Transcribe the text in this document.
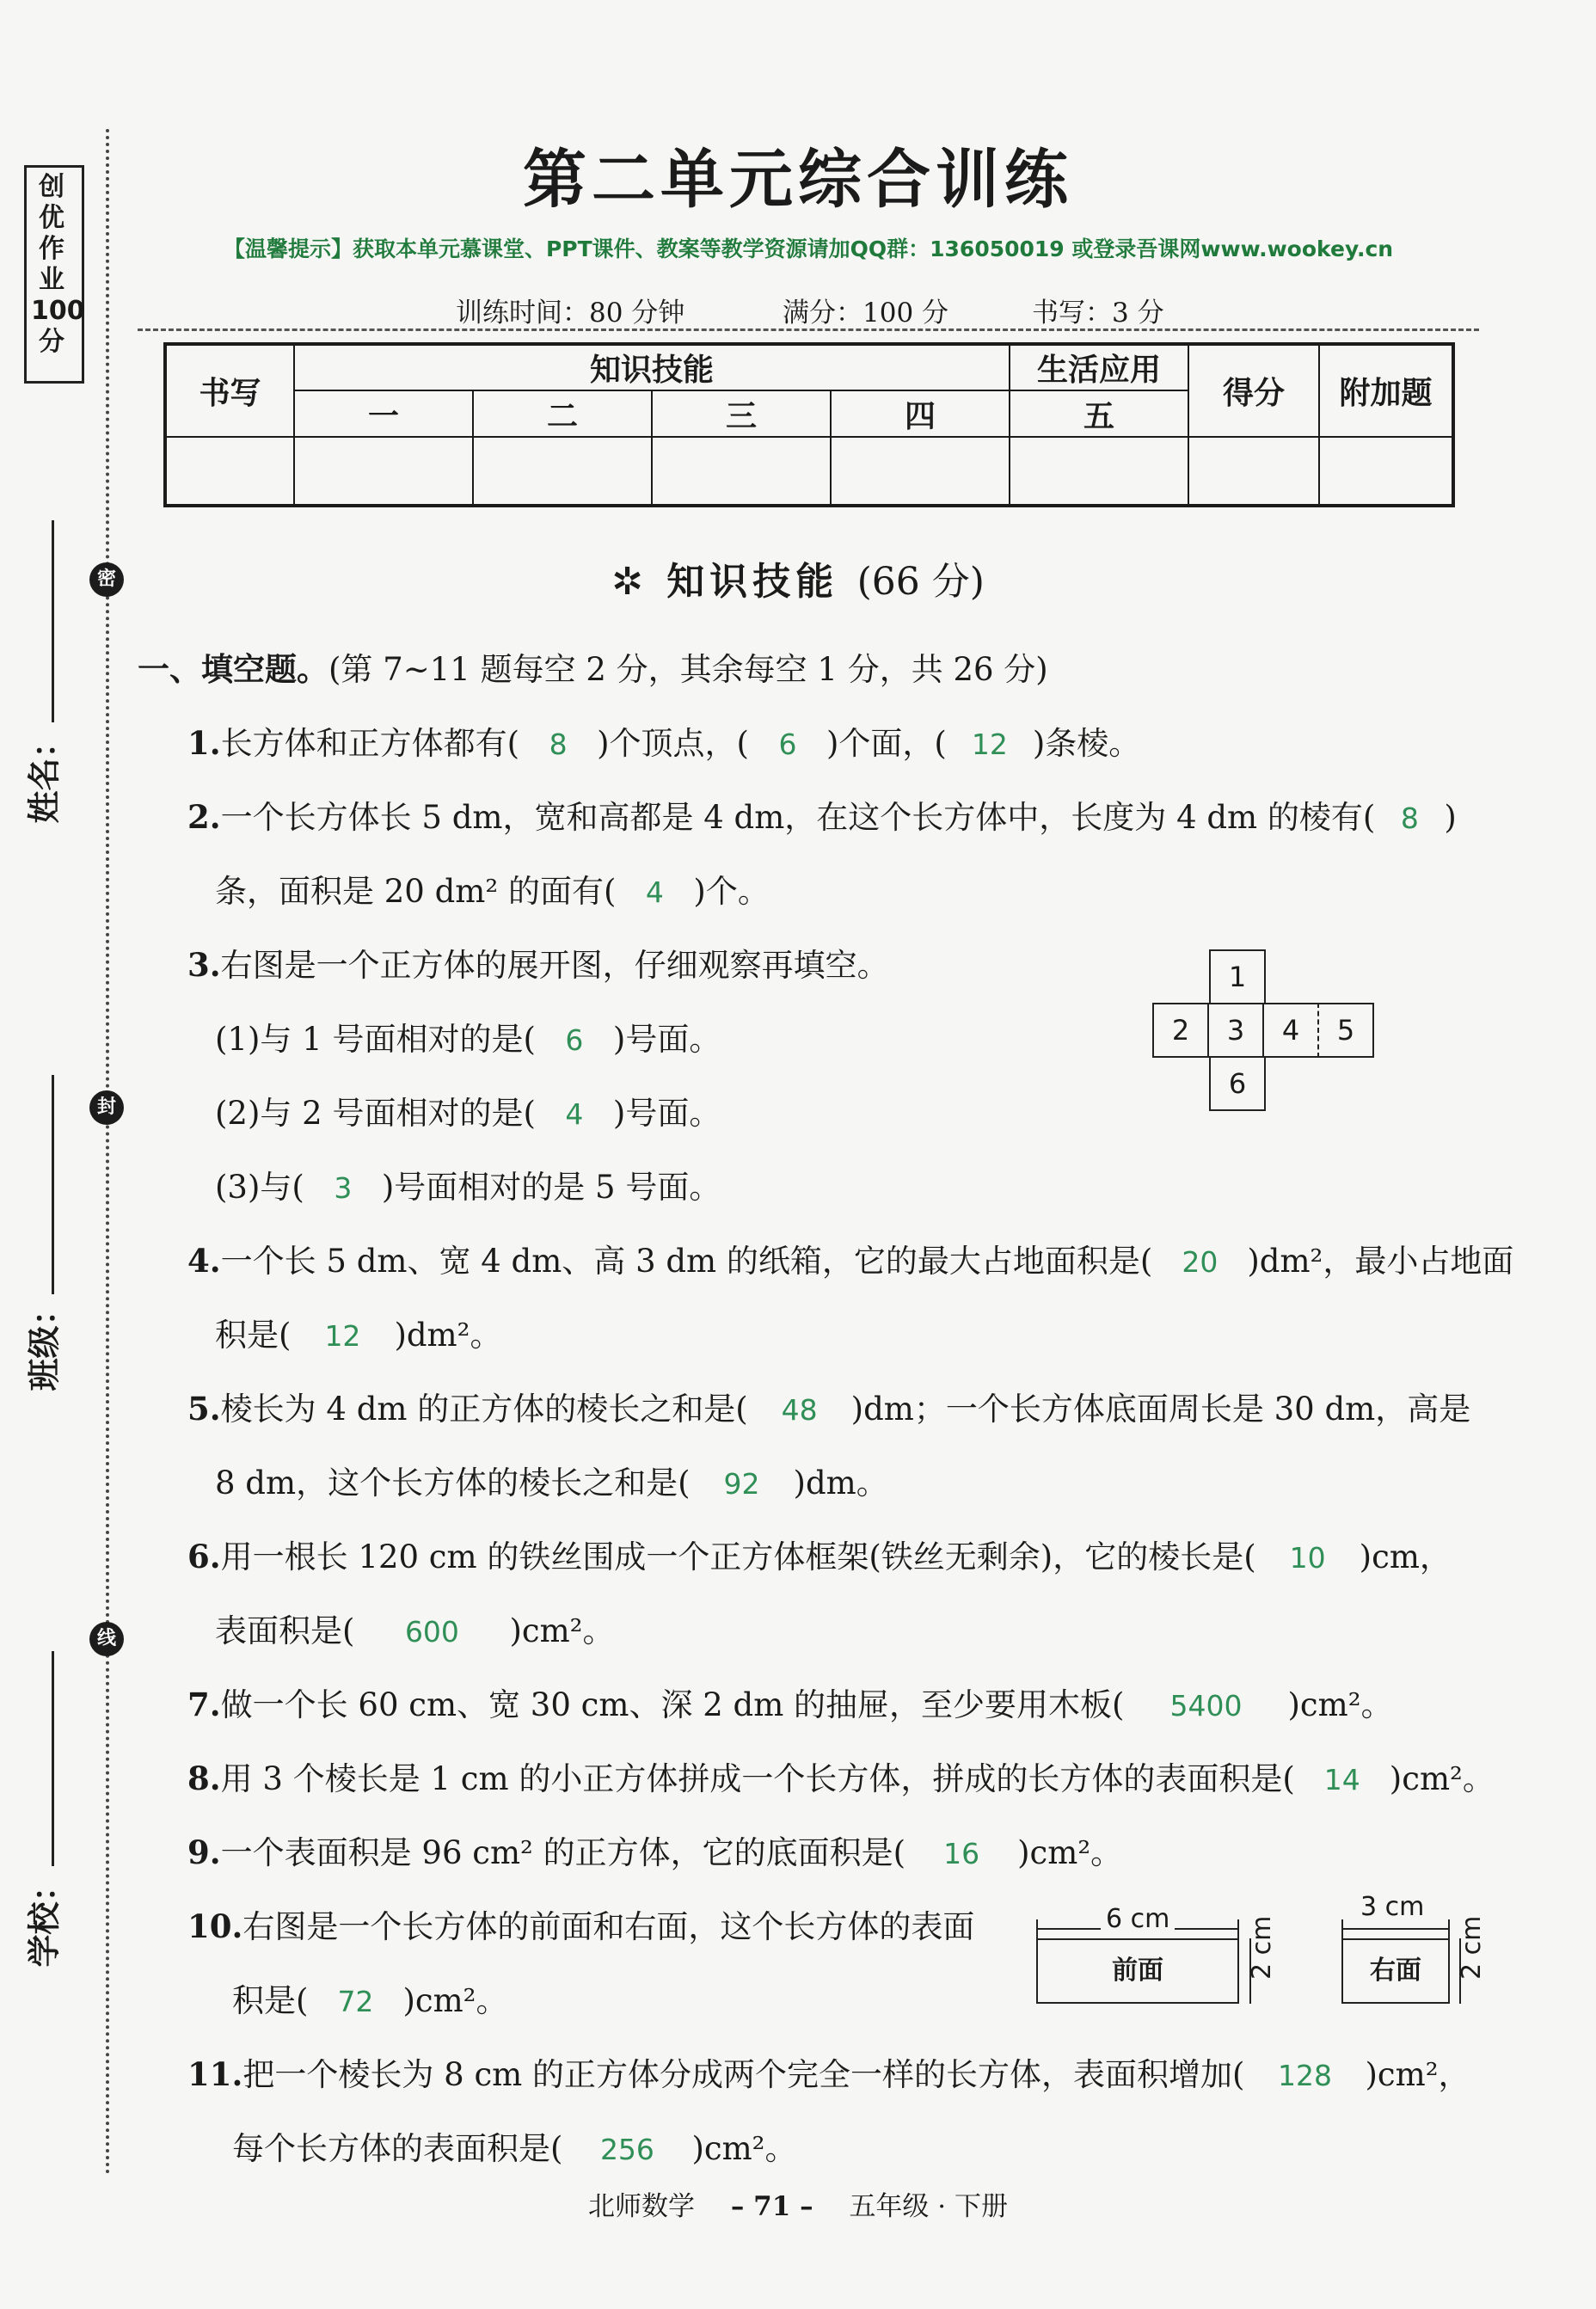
创优作业100分
密
封
线
姓名：
班级：
学校：
第二单元综合训练
【温馨提示】获取本单元慕课堂、PPT课件、教案等教学资源请加QQ群：136050019 或登录吾课网www.wookey.cn
训练时间：80 分钟	满分：100 分	书写：3 分
书写	知识技能				生活应用	得分	附加题
	一	二	三	四	五		

✲ 知识技能 (66 分)
一、填空题。(第 7~11 题每空 2 分，其余每空 1 分，共 26 分)
1.长方体和正方体都有( 8 )个顶点，( 6 )个面，( 12 )条棱。
2.一个长方体长 5 dm，宽和高都是 4 dm，在这个长方体中，长度为 4 dm 的棱有( 8 )
条，面积是 20 dm² 的面有( 4 )个。
3.右图是一个正方体的展开图，仔细观察再填空。
(1)与 1 号面相对的是( 6 )号面。
(2)与 2 号面相对的是( 4 )号面。
(3)与( 3 )号面相对的是 5 号面。
1
2	3	4	5
6
4.一个长 5 dm、宽 4 dm、高 3 dm 的纸箱，它的最大占地面积是( 20 )dm²，最小占地面
积是( 12 )dm²。
5.棱长为 4 dm 的正方体的棱长之和是( 48 )dm；一个长方体底面周长是 30 dm，高是
8 dm，这个长方体的棱长之和是( 92 )dm。
6.用一根长 120 cm 的铁丝围成一个正方体框架(铁丝无剩余)，它的棱长是( 10 )cm，
表面积是( 600 )cm²。
7.做一个长 60 cm、宽 30 cm、深 2 dm 的抽屉，至少要用木板( 5400 )cm²。
8.用 3 个棱长是 1 cm 的小正方体拼成一个长方体，拼成的长方体的表面积是( 14 )cm²。
9.一个表面积是 96 cm² 的正方体，它的底面积是( 16 )cm²。
10.右图是一个长方体的前面和右面，这个长方体的表面
积是( 72 )cm²。
6 cm
前面	2 cm
3 cm
右面	2 cm
11.把一个棱长为 8 cm 的正方体分成两个完全一样的长方体，表面积增加( 128 )cm²，
每个长方体的表面积是( 256 )cm²。
北师数学 – 71 – 五年级 · 下册
